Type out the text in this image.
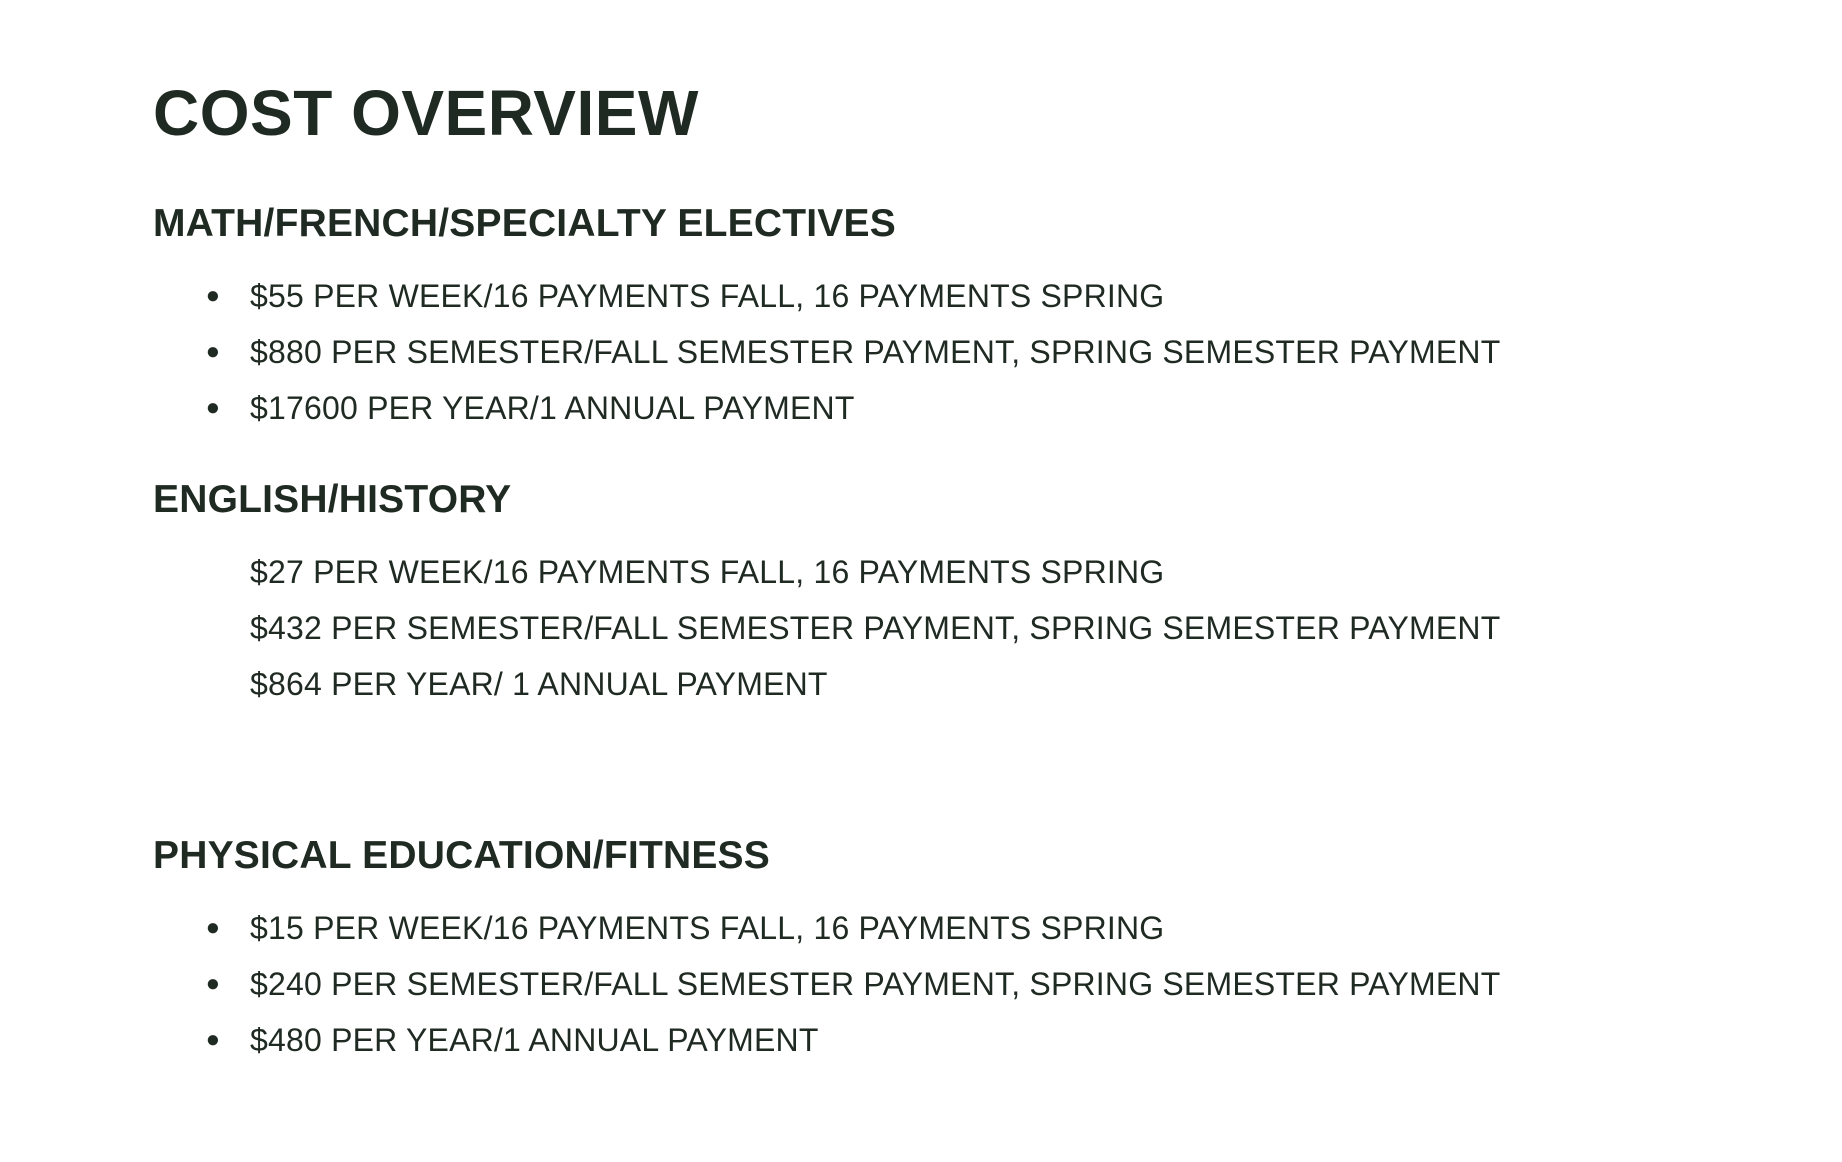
COST OVERVIEW
MATH/FRENCH/SPECIALTY ELECTIVES
● $55 PER WEEK/16 PAYMENTS FALL, 16 PAYMENTS SPRING
● $880 PER SEMESTER/FALL SEMESTER PAYMENT, SPRING SEMESTER PAYMENT
● $17600 PER YEAR/1 ANNUAL PAYMENT
ENGLISH/HISTORY
$27 PER WEEK/16 PAYMENTS FALL, 16 PAYMENTS SPRING
$432 PER SEMESTER/FALL SEMESTER PAYMENT, SPRING SEMESTER PAYMENT
$864 PER YEAR/ 1 ANNUAL PAYMENT
PHYSICAL EDUCATION/FITNESS
● $15 PER WEEK/16 PAYMENTS FALL, 16 PAYMENTS SPRING
● $240 PER SEMESTER/FALL SEMESTER PAYMENT, SPRING SEMESTER PAYMENT
● $480 PER YEAR/1 ANNUAL PAYMENT
